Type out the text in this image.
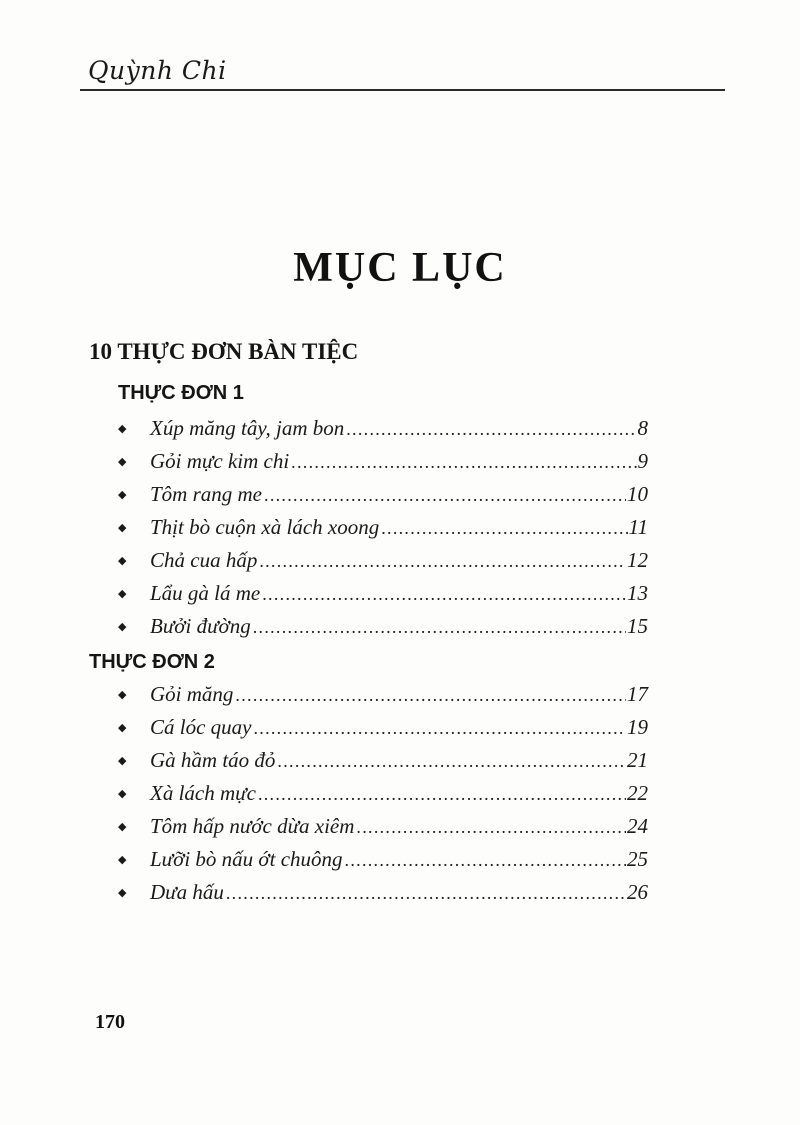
Quỳnh Chi
MỤC LỤC
10 THỰC ĐƠN BÀN TIỆC
THỰC ĐƠN 1
◆	Xúp măng tây, jam bon .....	8
◆	Gỏi mực kim chi .....	9
◆	Tôm rang me .....	10
◆	Thịt bò cuộn xà lách xoong .....	11
◆	Chả cua hấp .....	12
◆	Lẩu gà lá me .....	13
◆	Bưởi đường .....	15
THỰC ĐƠN 2
◆	Gỏi măng .....	17
◆	Cá lóc quay .....	19
◆	Gà hầm táo đỏ .....	21
◆	Xà lách mực .....	22
◆	Tôm hấp nước dừa xiêm .....	24
◆	Lưỡi bò nấu ớt chuông .....	25
◆	Dưa hấu .....	26
170
